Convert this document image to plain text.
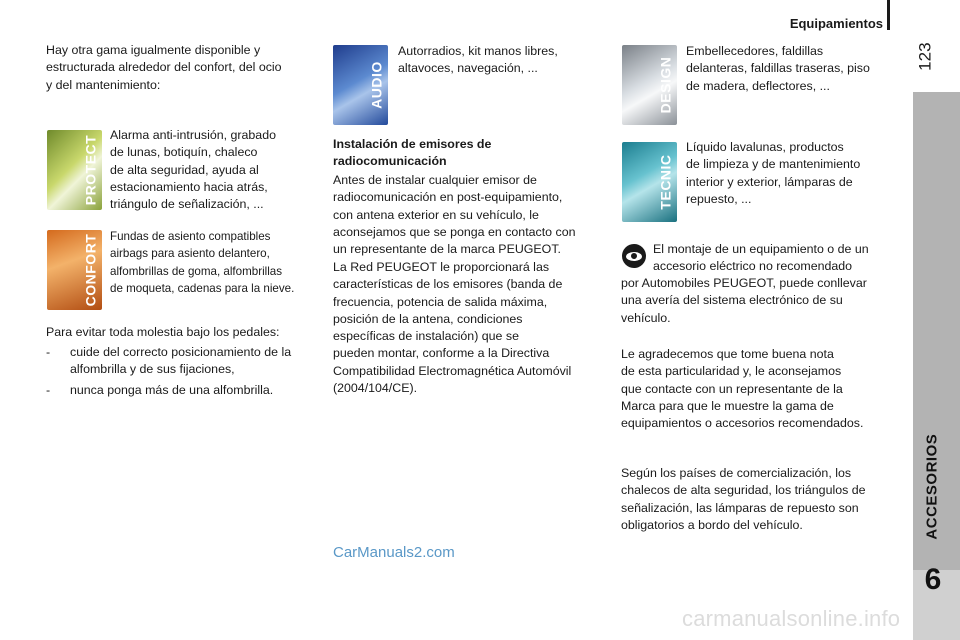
Equipamientos
123
ACCESORIOS
6
Hay otra gama igualmente disponible y
estructurada alrededor del confort, del ocio
y del mantenimiento:
PROTECT Alarma anti-intrusión, grabado
de lunas, botiquín, chaleco
de alta seguridad, ayuda al
estacionamiento hacia atrás,
triángulo de señalización, ...
CONFORT Fundas de asiento compatibles
airbags para asiento delantero,
alfombrillas de goma, alfombrillas
de moqueta, cadenas para la nieve.
Para evitar toda molestia bajo los pedales:
- cuide del correcto posicionamiento de la
alfombrilla y de sus fijaciones,
- nunca ponga más de una alfombrilla.
AUDIO
Autorradios, kit manos libres,
altavoces, navegación, ...
Instalación de emisores de
radiocomunicación
Antes de instalar cualquier emisor de
radiocomunicación en post-equipamiento,
con antena exterior en su vehículo, le
aconsejamos que se ponga en contacto con
un representante de la marca PEUGEOT.
La Red PEUGEOT le proporcionará las
características de los emisores (banda de
frecuencia, potencia de salida máxima,
posición de la antena, condiciones
específicas de instalación) que se
pueden montar, conforme a la Directiva
Compatibilidad Electromagnética Automóvil
(2004/104/CE).
DESIGN
Embellecedores, faldillas
delanteras, faldillas traseras, piso
de madera, deflectores, ...
TECNIC
Líquido lavalunas, productos
de limpieza y de mantenimiento
interior y exterior, lámparas de
repuesto, ...
El montaje de un equipamiento o de un
accesorio eléctrico no recomendado
por Automobiles PEUGEOT, puede conllevar
una avería del sistema electrónico de su
vehículo.
Le agradecemos que tome buena nota
de esta particularidad y, le aconsejamos
que contacte con un representante de la
Marca para que le muestre la gama de
equipamientos o accesorios recomendados.
Según los países de comercialización, los
chalecos de alta seguridad, los triángulos de
señalización, las lámparas de repuesto son
obligatorios a bordo del vehículo.
CarManuals2.com
carmanualsonline.info
